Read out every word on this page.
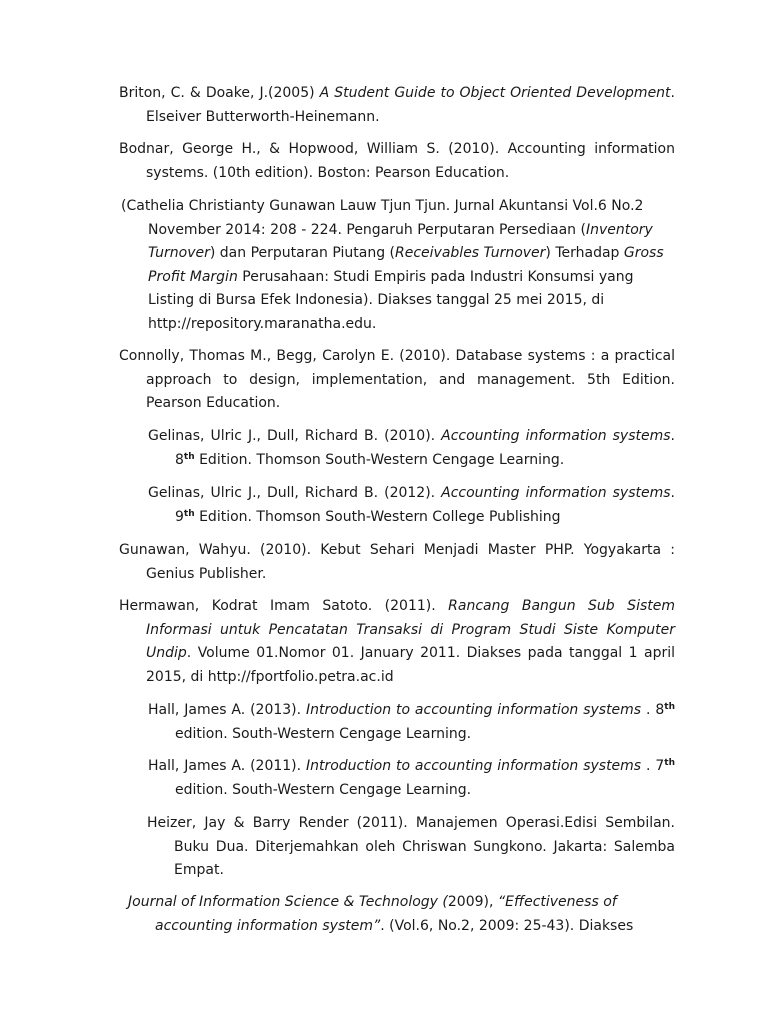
Briton, C. & Doake, J.(2005) A Student Guide to Object Oriented Development. Elseiver Butterworth-Heinemann.
Bodnar, George H., & Hopwood, William S. (2010). Accounting information systems. (10th edition). Boston: Pearson Education.
(Cathelia Christianty Gunawan Lauw Tjun Tjun. Jurnal Akuntansi Vol.6 No.2 November 2014: 208 - 224. Pengaruh Perputaran Persediaan (Inventory Turnover) dan Perputaran Piutang (Receivables Turnover) Terhadap Gross Profit Margin Perusahaan: Studi Empiris pada Industri Konsumsi yang Listing di Bursa Efek Indonesia). Diakses tanggal 25 mei 2015, di http://repository.maranatha.edu.
Connolly, Thomas M., Begg, Carolyn E. (2010). Database systems : a practical approach to design, implementation, and management. 5th Edition. Pearson Education.
Gelinas, Ulric J., Dull, Richard B. (2010). Accounting information systems. 8th Edition. Thomson South-Western Cengage Learning.
Gelinas, Ulric J., Dull, Richard B. (2012). Accounting information systems. 9th Edition. Thomson South-Western College Publishing
Gunawan, Wahyu. (2010). Kebut Sehari Menjadi Master PHP. Yogyakarta : Genius Publisher.
Hermawan, Kodrat Imam Satoto. (2011). Rancang Bangun Sub Sistem Informasi untuk Pencatatan Transaksi di Program Studi Siste Komputer Undip. Volume 01.Nomor 01. January 2011. Diakses pada tanggal 1 april 2015, di http://fportfolio.petra.ac.id
Hall, James A. (2013). Introduction to accounting information systems . 8th edition. South-Western Cengage Learning.
Hall, James A. (2011). Introduction to accounting information systems . 7th edition. South-Western Cengage Learning.
Heizer, Jay & Barry Render (2011). Manajemen Operasi.Edisi Sembilan. Buku Dua. Diterjemahkan oleh Chriswan Sungkono. Jakarta: Salemba Empat.
Journal of Information Science & Technology (2009), “Effectiveness of accounting information system”. (Vol.6, No.2, 2009: 25-43). Diakses
